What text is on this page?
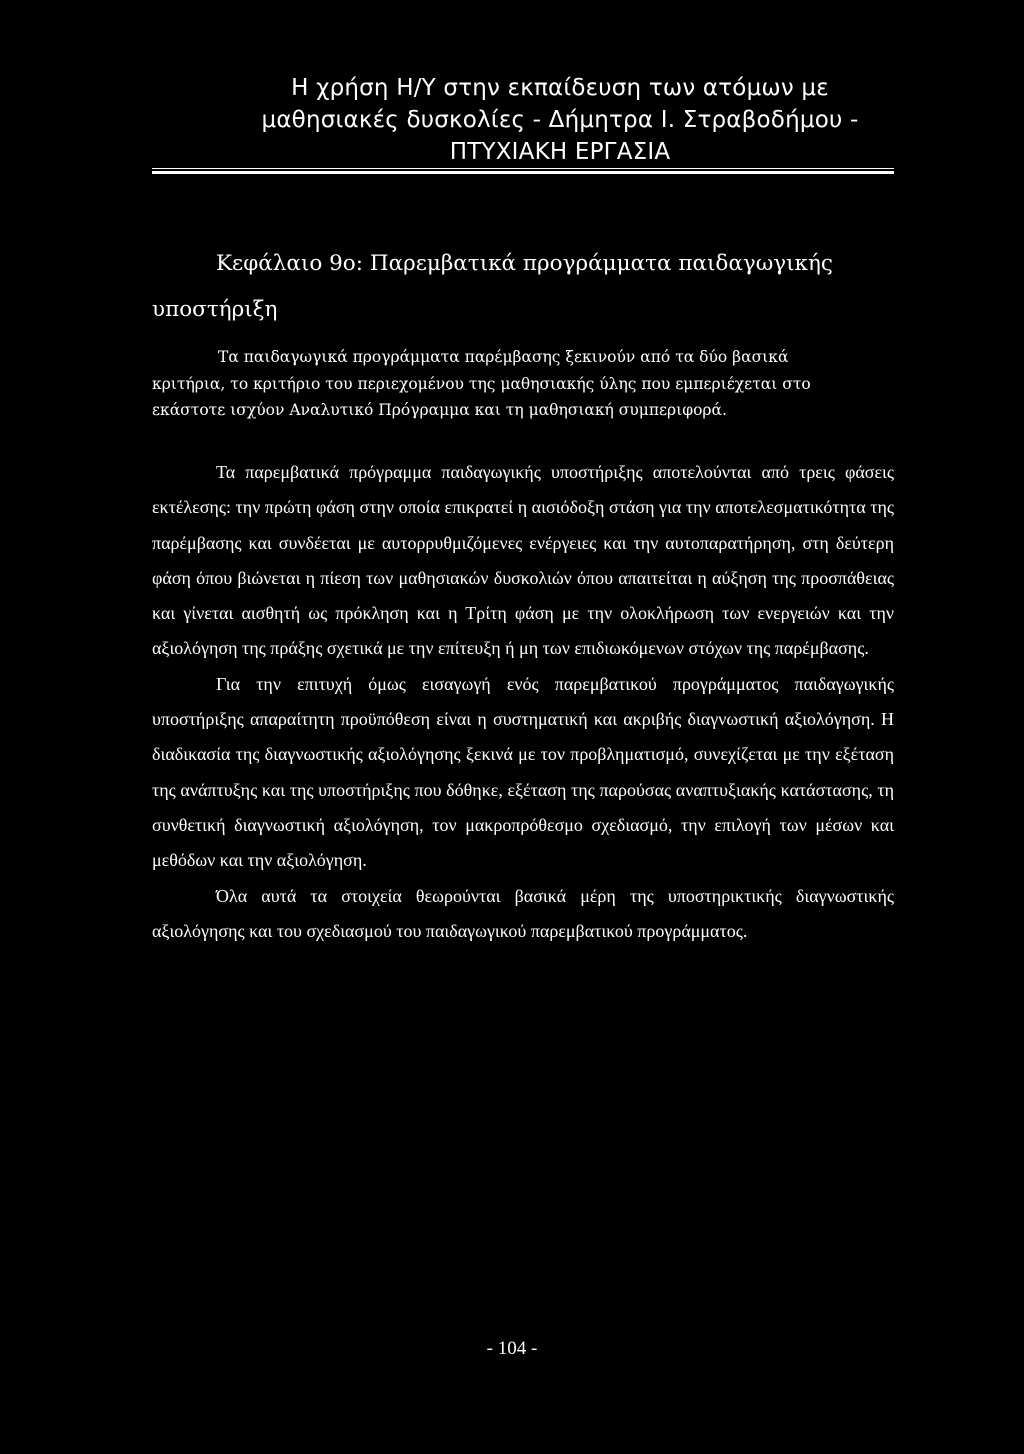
Η χρήση Η/Υ στην εκπαίδευση των ατόμων με
μαθησιακές δυσκολίες - Δήμητρα Ι. Στραβοδήμου -
ΠΤΥΧΙΑΚΗ ΕΡΓΑΣΙΑ
Κεφάλαιο 9ο: Παρεμβατικά προγράμματα παιδαγωγικής
υποστήριξη
Τα παιδαγωγικά προγράμματα παρέμβασης ξεκινούν από τα δύο βασικά
κριτήρια, το κριτήριο του περιεχομένου της μαθησιακής ύλης που εμπεριέχεται στο
εκάστοτε ισχύον Αναλυτικό Πρόγραμμα και τη μαθησιακή συμπεριφορά.

Τα παρεμβατικά πρόγραμμα παιδαγωγικής υποστήριξης αποτελούνται από τρεις φάσεις εκτέλεσης: την πρώτη φάση στην οποία επικρατεί η αισιόδοξη στάση για την αποτελεσματικότητα της παρέμβασης και συνδέεται με αυτορρυθμιζόμενες ενέργειες και την αυτοπαρατήρηση, στη δεύτερη φάση όπου βιώνεται η πίεση των μαθησιακών δυσκολιών όπου απαιτείται η αύξηση της προσπάθειας και γίνεται αισθητή ως πρόκληση και η Τρίτη φάση με την ολοκλήρωση των ενεργειών και την αξιολόγηση της πράξης σχετικά με την επίτευξη ή μη των επιδιωκόμενων στόχων της παρέμβασης.

Για την επιτυχή όμως εισαγωγή ενός παρεμβατικού προγράμματος παιδαγωγικής υποστήριξης απαραίτητη προϋπόθεση είναι η συστηματική και ακριβής διαγνωστική αξιολόγηση. Η διαδικασία της διαγνωστικής αξιολόγησης ξεκινά με τον προβληματισμό, συνεχίζεται με την εξέταση της ανάπτυξης και της υποστήριξης που δόθηκε, εξέταση της παρούσας αναπτυξιακής κατάστασης, τη συνθετική διαγνωστική αξιολόγηση, τον μακροπρόθεσμο σχεδιασμό, την επιλογή των μέσων και μεθόδων και την αξιολόγηση.

Όλα αυτά τα στοιχεία θεωρούνται βασικά μέρη της υποστηρικτικής διαγνωστικής αξιολόγησης και του σχεδιασμού του παιδαγωγικού παρεμβατικού προγράμματος.

- 104 -
